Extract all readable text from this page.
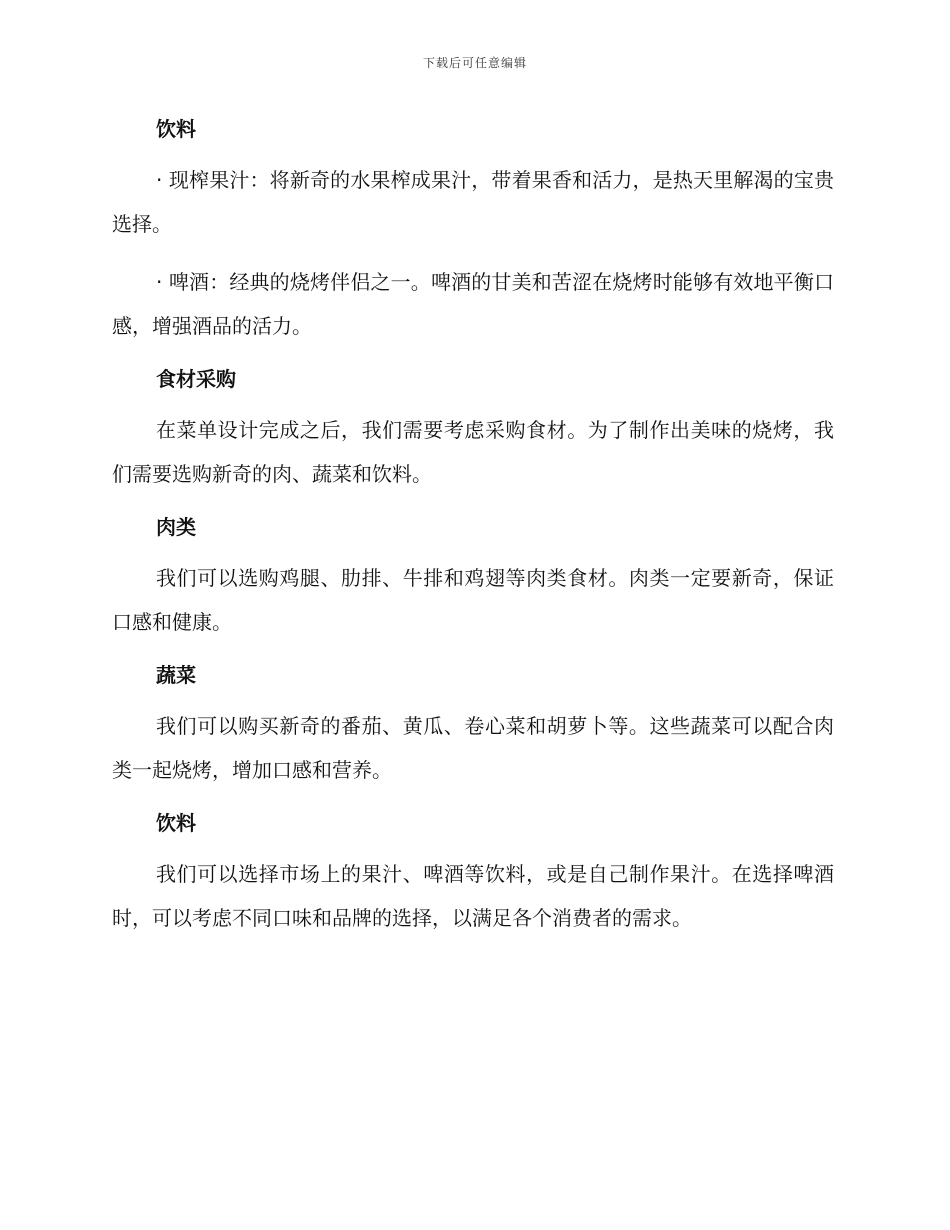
下载后可任意编辑
饮料

· 现榨果汁：将新奇的水果榨成果汁，带着果香和活力，是热天里解渴的宝贵选择。

· 啤酒：经典的烧烤伴侣之一。啤酒的甘美和苦涩在烧烤时能够有效地平衡口感，增强酒品的活力。

食材采购

在菜单设计完成之后，我们需要考虑采购食材。为了制作出美味的烧烤，我们需要选购新奇的肉、蔬菜和饮料。

肉类

我们可以选购鸡腿、肋排、牛排和鸡翅等肉类食材。肉类一定要新奇，保证口感和健康。

蔬菜

我们可以购买新奇的番茄、黄瓜、卷心菜和胡萝卜等。这些蔬菜可以配合肉类一起烧烤，增加口感和营养。

饮料

我们可以选择市场上的果汁、啤酒等饮料，或是自己制作果汁。在选择啤酒时，可以考虑不同口味和品牌的选择，以满足各个消费者的需求。
